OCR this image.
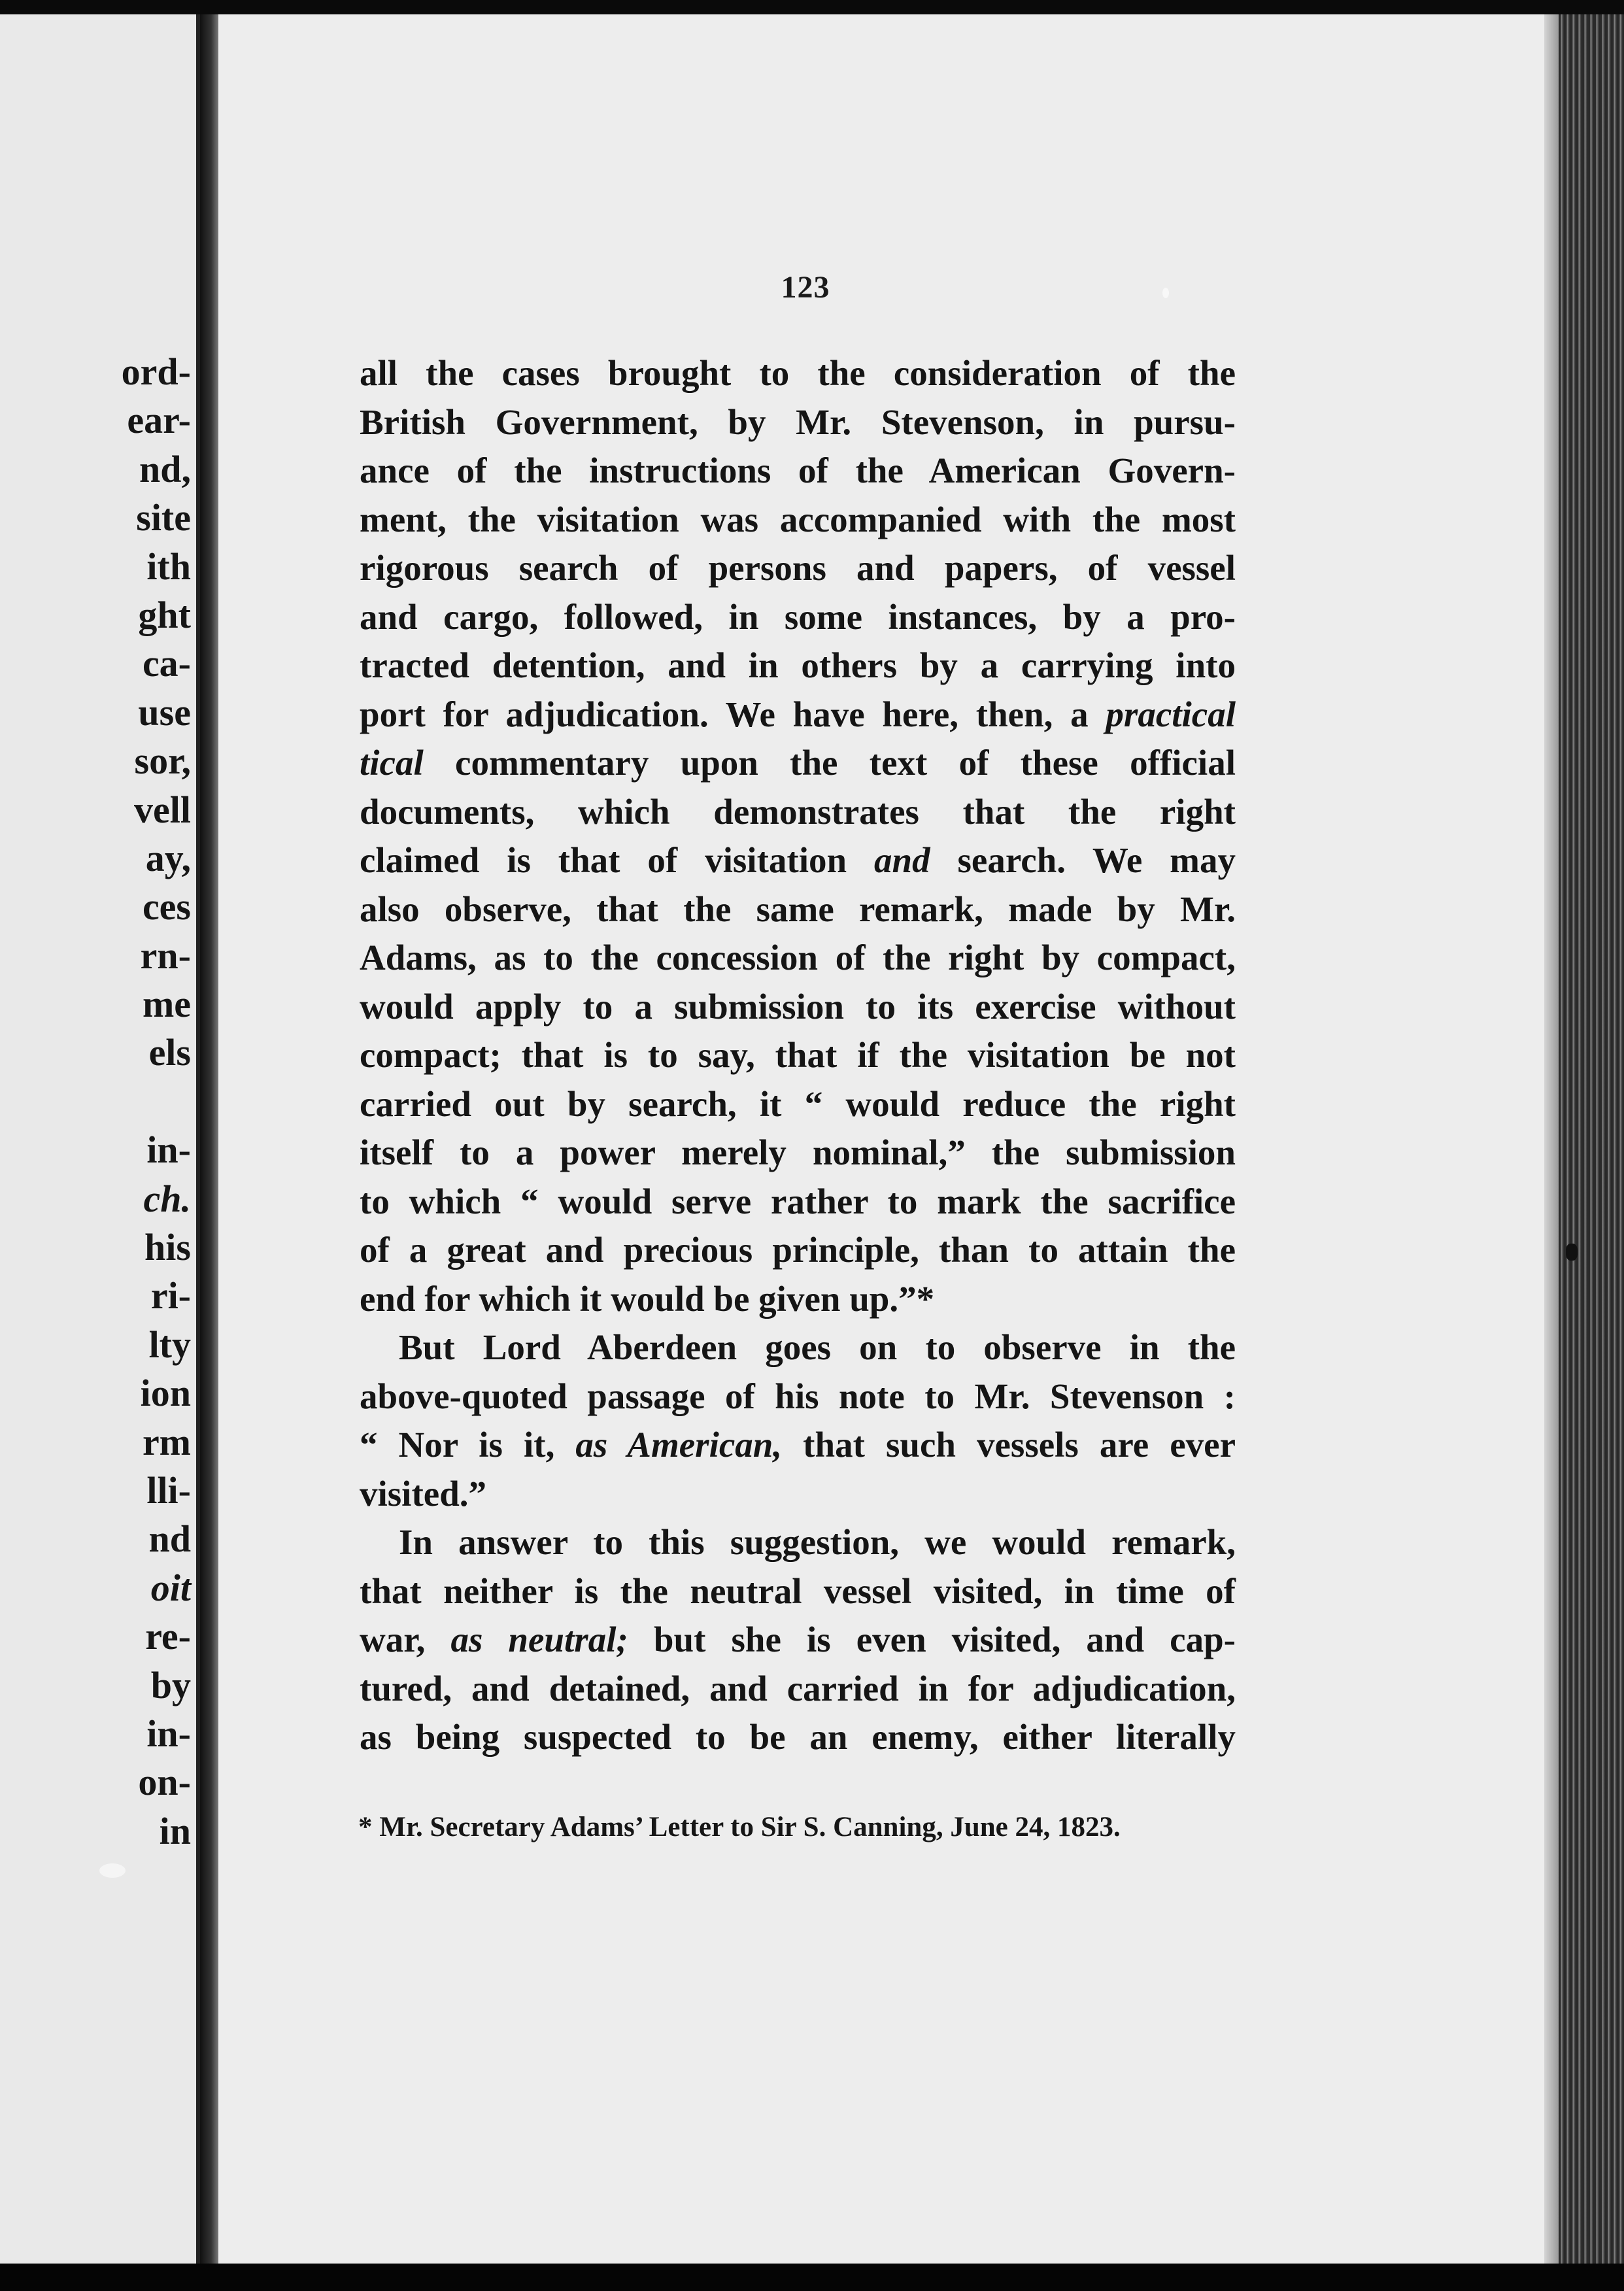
ord-
ear-
nd,
site
ith
ght
ca-
use
sor,
vell
ay,
ces
rn-
me
els
in-
ch.
his
ri-
lty
ion
rm
lli-
nd
oit
re-
by
in-
on-
in
123
all the cases brought to the consideration of the
British Government, by Mr. Stevenson, in pursu-
ance of the instructions of the American Govern-
ment, the visitation was accompanied with the most
rigorous search of persons and papers, of vessel
and cargo, followed, in some instances, by a pro-
tracted detention, and in others by a carrying into
port for adjudication. We have here, then, a practical
tical commentary upon the text of these official
documents, which demonstrates that the right
claimed is that of visitation and search. We may
also observe, that the same remark, made by Mr.
Adams, as to the concession of the right by compact,
would apply to a submission to its exercise without
compact; that is to say, that if the visitation be not
carried out by search, it “ would reduce the right
itself to a power merely nominal,” the submission
to which “ would serve rather to mark the sacrifice
of a great and precious principle, than to attain the
end for which it would be given up.”*
But Lord Aberdeen goes on to observe in the
above-quoted passage of his note to Mr. Stevenson :
“ Nor is it, as American, that such vessels are ever
visited.”
In answer to this suggestion, we would remark,
that neither is the neutral vessel visited, in time of
war, as neutral; but she is even visited, and cap-
tured, and detained, and carried in for adjudication,
as being suspected to be an enemy, either literally
* Mr. Secretary Adams’ Letter to Sir S. Canning, June 24, 1823.
